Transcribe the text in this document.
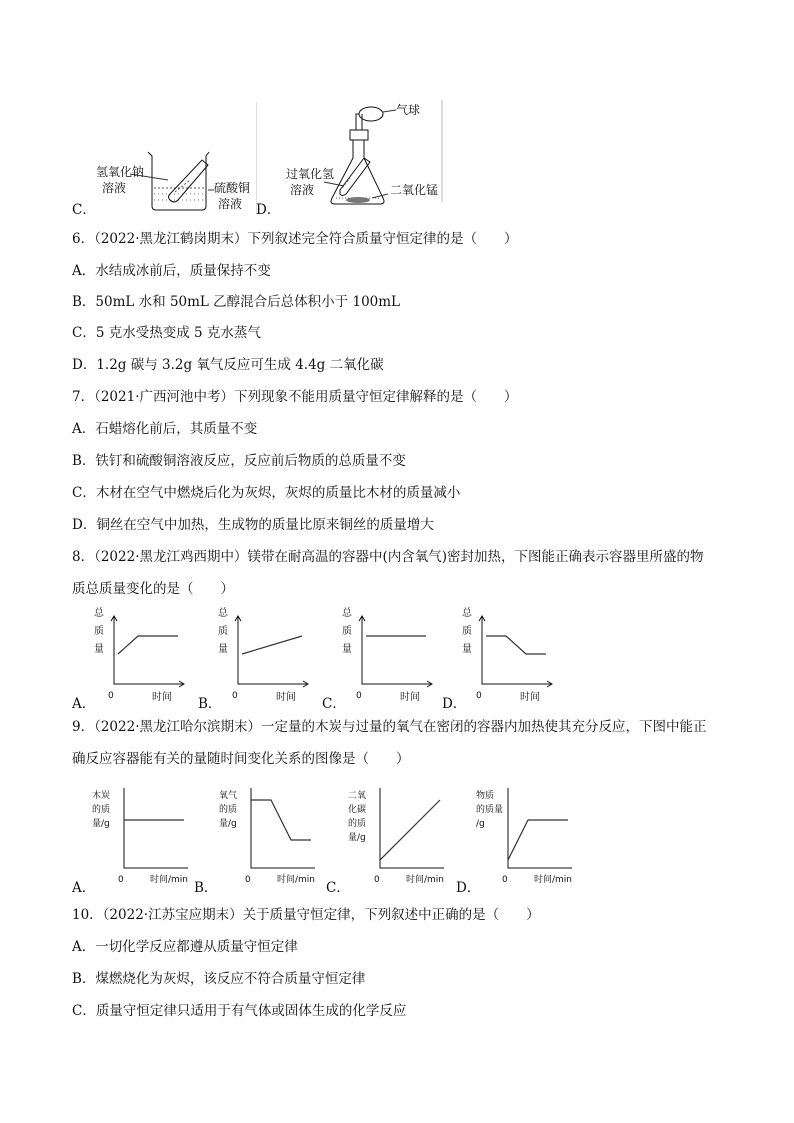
C．
氢氧化钠
溶液	硫酸铜
溶液 D．
气球
过氧化氢
溶液	二氧化锰
6．（2022·黑龙江鹤岗期末）下列叙述完全符合质量守恒定律的是（　　）
A．水结成冰前后，质量保持不变
B．50mL 水和 50mL 乙醇混合后总体积小于 100mL
C．5 克水受热变成 5 克水蒸气
D．1.2g 碳与 3.2g 氧气反应可生成 4.4g 二氧化碳
7．（2021·广西河池中考）下列现象不能用质量守恒定律解释的是（　　）
A．石蜡熔化前后，其质量不变
B．铁钉和硫酸铜溶液反应，反应前后物质的总质量不变
C．木材在空气中燃烧后化为灰烬，灰烬的质量比木材的质量减小
D．铜丝在空气中加热，生成物的质量比原来铜丝的质量增大
8．（2022·黑龙江鸡西期中）镁带在耐高温的容器中(内含氧气)密封加热，下图能正确表示容器里所盛的物
质总质量变化的是（　　）
A．	B．	C．	D．
总
质
量
0	时间
总
质
量
0	时间
总
质
量
0	时间
总
质
量
0	时间
9．（2022·黑龙江哈尔滨期末）一定量的木炭与过量的氧气在密闭的容器内加热使其充分反应，下图中能正
确反应容器能有关的量随时间变化关系的图像是（　　）
A．	B．	C．	D．
木炭
的质
量/g
0	时间/min
氧气
的质
量/g
0	时间/min
二氧
化碳
的质
量/g
0	时间/min
物质
的质量
/g
0	时间/min
10．（2022·江苏宝应期末）关于质量守恒定律，下列叙述中正确的是（　　）
A．一切化学反应都遵从质量守恒定律
B．煤燃烧化为灰烬，该反应不符合质量守恒定律
C．质量守恒定律只适用于有气体或固体生成的化学反应
